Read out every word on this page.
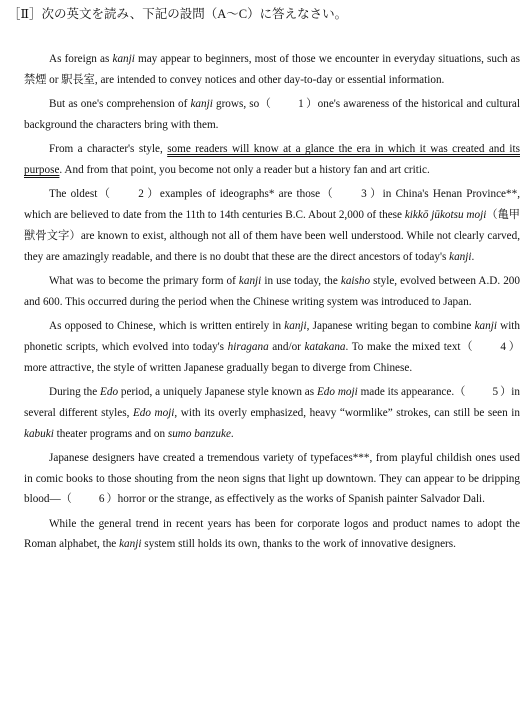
［Ⅱ］次の英文を読み、下記の設問（A～C）に答えなさい。

As foreign as kanji may appear to beginners, most of those we encounter in everyday situations, such as 禁煙 or 駅長室, are intended to convey notices and other day-to-day or essential information.

But as one's comprehension of kanji grows, so（ 1 ）one's awareness of the historical and cultural background the characters bring with them.

From a character's style, some readers will know at a glance the era in which it was created and its purpose. And from that point, you become not only a reader but a history fan and art critic.

The oldest（ 2 ）examples of ideographs* are those（ 3 ）in China's Henan Province**, which are believed to date from the 11th to 14th centuries B.C. About 2,000 of these kikkō jūkotsu moji（亀甲獣骨文字）are known to exist, although not all of them have been well understood. While not clearly carved, they are amazingly readable, and there is no doubt that these are the direct ancestors of today's kanji.

What was to become the primary form of kanji in use today, the kaisho style, evolved between A.D. 200 and 600. This occurred during the period when the Chinese writing system was introduced to Japan.

As opposed to Chinese, which is written entirely in kanji, Japanese writing began to combine kanji with phonetic scripts, which evolved into today's hiragana and/or katakana. To make the mixed text（ 4 ）more attractive, the style of written Japanese gradually began to diverge from Chinese.

During the Edo period, a uniquely Japanese style known as Edo moji made its appearance.（ 5 ）in several different styles, Edo moji, with its overly emphasized, heavy “wormlike” strokes, can still be seen in kabuki theater programs and on sumo banzuke.

Japanese designers have created a tremendous variety of typefaces***, from playful childish ones used in comic books to those shouting from the neon signs that light up downtown. They can appear to be dripping blood—（ 6 ）horror or the strange, as effectively as the works of Spanish painter Salvador Dali.

While the general trend in recent years has been for corporate logos and product names to adopt the Roman alphabet, the kanji system still holds its own, thanks to the work of innovative designers.
